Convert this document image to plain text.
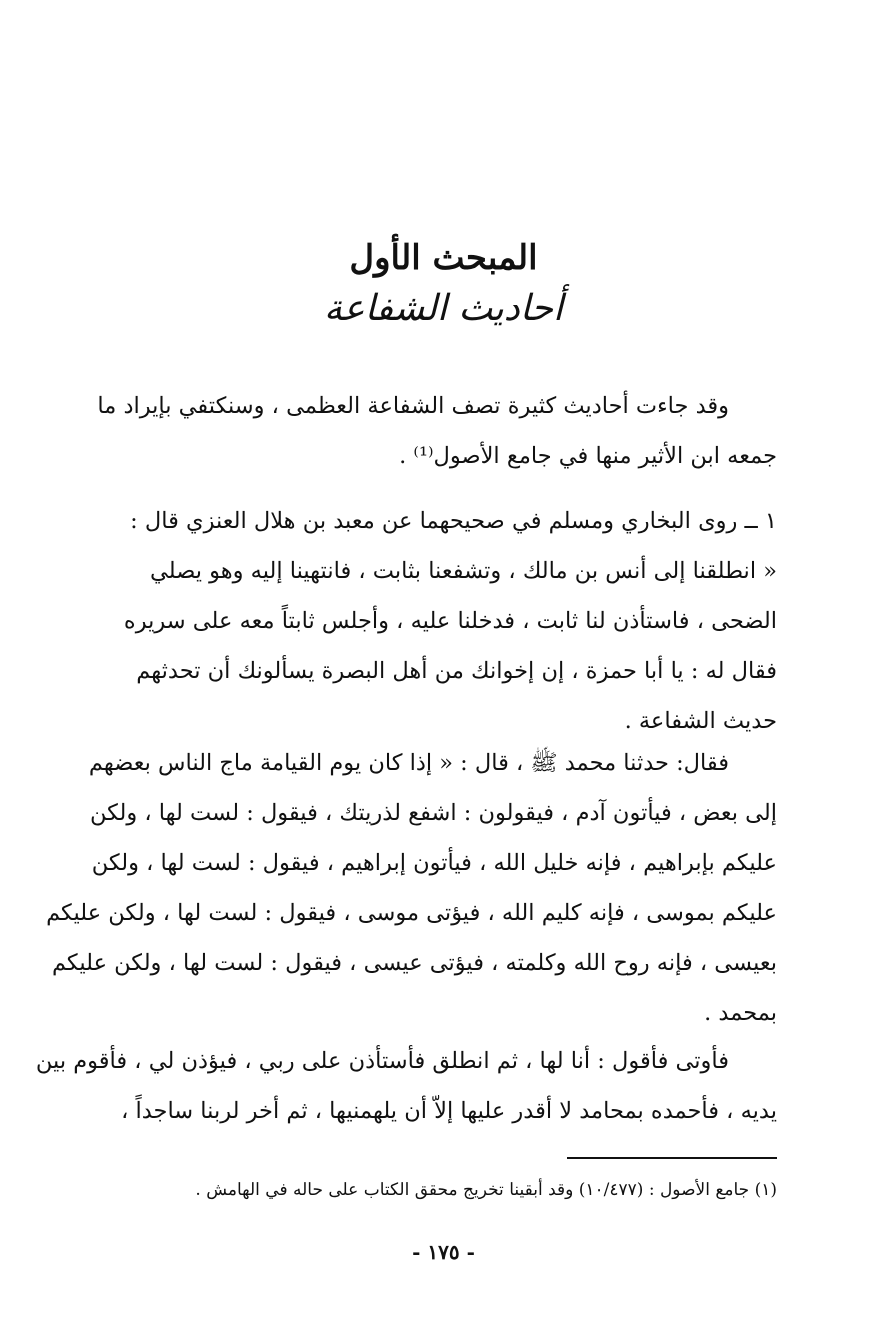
المبحث الأول
أحاديث الشفاعة
وقد جاءت أحاديث كثيرة تصف الشفاعة العظمى ، وسنكتفي بإيراد ما
جمعه ابن الأثير منها في جامع الأصول⁽¹⁾ .
١ ــ روى البخاري ومسلم في صحيحهما عن معبد بن هلال العنزي قال :
« انطلقنا إلى أنس بن مالك ، وتشفعنا بثابت ، فانتهينا إليه وهو يصلي
الضحى ، فاستأذن لنا ثابت ، فدخلنا عليه ، وأجلس ثابتاً معه على سريره
فقال له : يا أبا حمزة ، إن إخوانك من أهل البصرة يسألونك أن تحدثهم
حديث الشفاعة .
فقال: حدثنا محمد ﷺ ، قال : « إذا كان يوم القيامة ماج الناس بعضهم
إلى بعض ، فيأتون آدم ، فيقولون : اشفع لذريتك ، فيقول : لست لها ، ولكن
عليكم بإبراهيم ، فإنه خليل الله ، فيأتون إبراهيم ، فيقول : لست لها ، ولكن
عليكم بموسى ، فإنه كليم الله ، فيؤتى موسى ، فيقول : لست لها ، ولكن عليكم
بعيسى ، فإنه روح الله وكلمته ، فيؤتى عيسى ، فيقول : لست لها ، ولكن عليكم
بمحمد .
فأوتى فأقول : أنا لها ، ثم انطلق فأستأذن على ربي ، فيؤذن لي ، فأقوم بين
يديه ، فأحمده بمحامد لا أقدر عليها إلاّ أن يلهمنيها ، ثم أخر لربنا ساجداً ،
(١) جامع الأصول : (١٠/٤٧٧) وقد أبقينا تخريج محقق الكتاب على حاله في الهامش .
- ١٧٥ -
